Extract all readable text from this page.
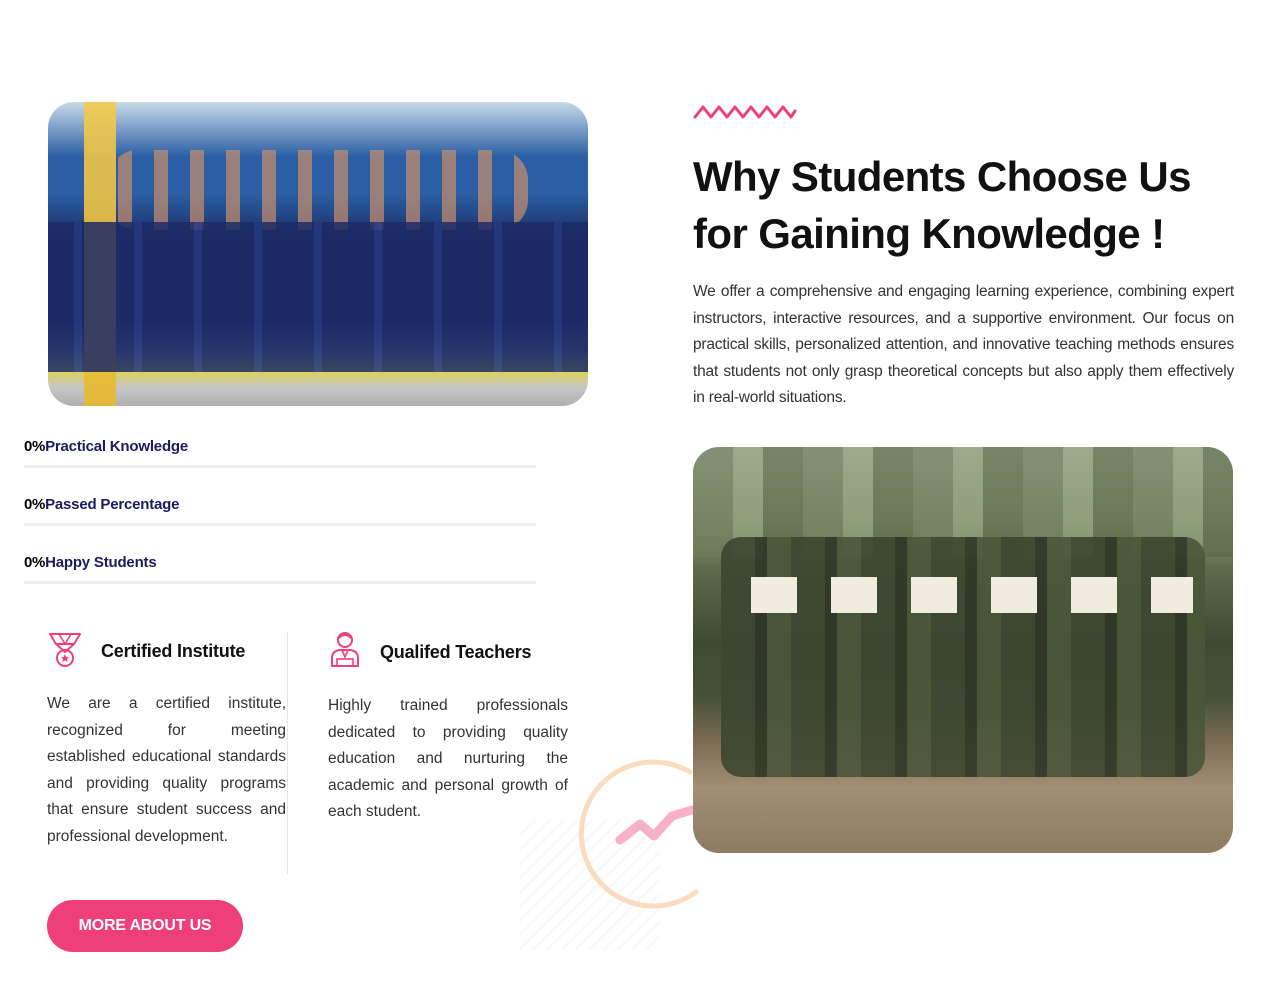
0% Practical Knowledge
0% Passed Percentage
0% Happy Students
Certified Institute

We are a certified institute, recognized for meeting established educational standards and providing quality programs that ensure student success and professional development.

Qualifed Teachers

Highly trained professionals dedicated to providing quality education and nurturing the academic and personal growth of each student.

MORE ABOUT US
Why Students Choose Us for Gaining Knowledge !

We offer a comprehensive and engaging learning experience, combining expert instructors, interactive resources, and a supportive environment. Our focus on practical skills, personalized attention, and innovative teaching methods ensures that students not only grasp theoretical concepts but also apply them effectively in real-world situations.
